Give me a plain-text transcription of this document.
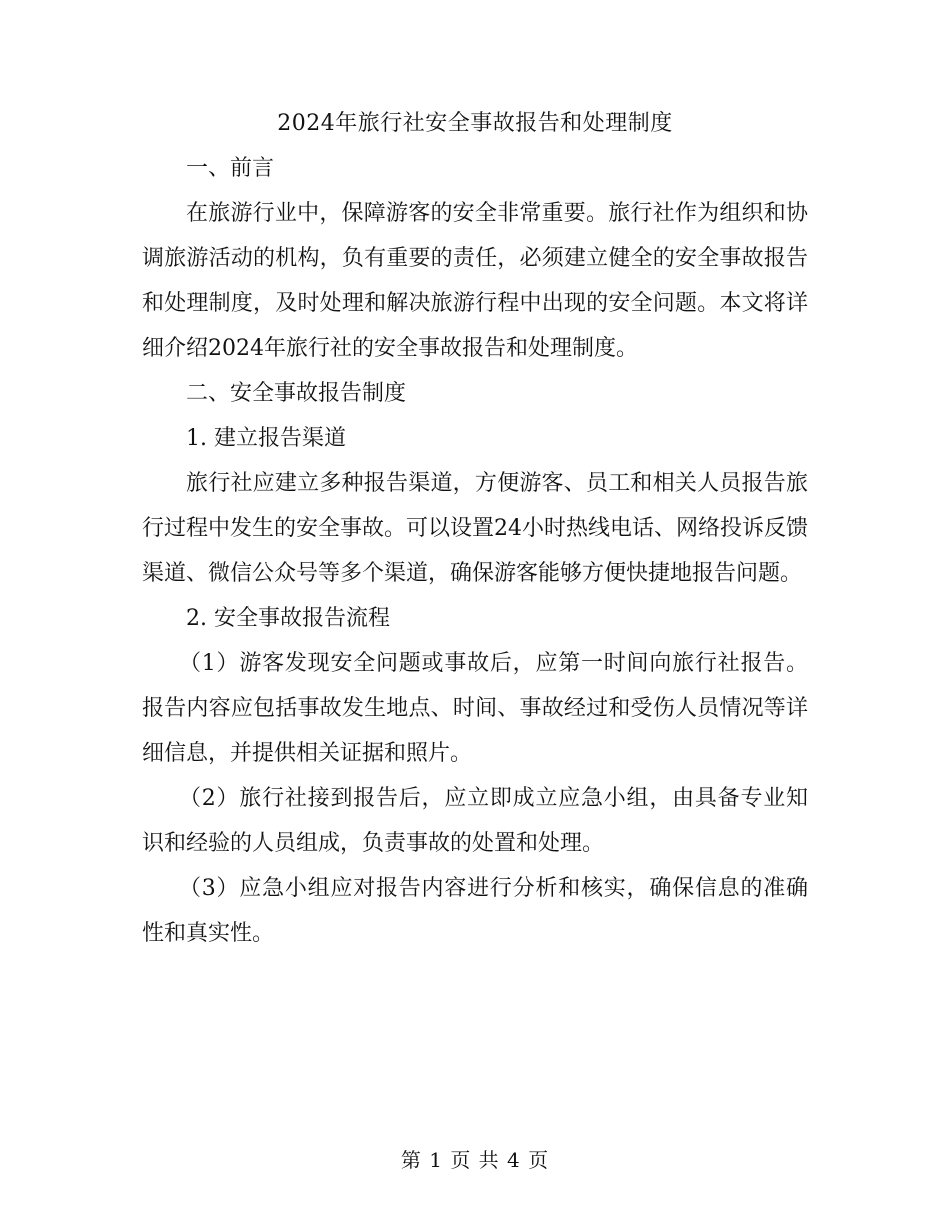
2024年旅行社安全事故报告和处理制度

一、前言

在旅游行业中，保障游客的安全非常重要。旅行社作为组织和协调旅游活动的机构，负有重要的责任，必须建立健全的安全事故报告和处理制度，及时处理和解决旅游行程中出现的安全问题。本文将详细介绍2024年旅行社的安全事故报告和处理制度。

二、安全事故报告制度

1. 建立报告渠道

旅行社应建立多种报告渠道，方便游客、员工和相关人员报告旅行过程中发生的安全事故。可以设置24小时热线电话、网络投诉反馈渠道、微信公众号等多个渠道，确保游客能够方便快捷地报告问题。

2. 安全事故报告流程

（1）游客发现安全问题或事故后，应第一时间向旅行社报告。报告内容应包括事故发生地点、时间、事故经过和受伤人员情况等详细信息，并提供相关证据和照片。

（2）旅行社接到报告后，应立即成立应急小组，由具备专业知识和经验的人员组成，负责事故的处置和处理。

（3）应急小组应对报告内容进行分析和核实，确保信息的准确性和真实性。

第 1 页 共 4 页
